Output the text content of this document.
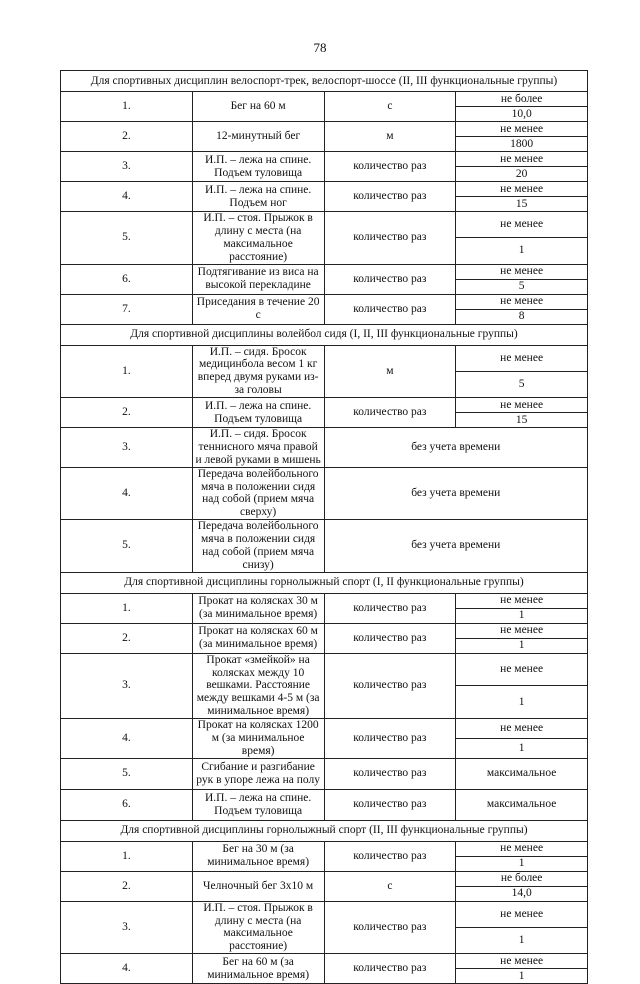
78
Для спортивных дисциплин велоспорт-трек, велоспорт-шоссе (II, III функциональные группы)			
1.	Бег на 60 м	с	не более
			10,0
2.	12-минутный бег	м	не менее
			1800
3.	И.П. – лежа на спине. Подъем туловища	количество раз	не менее
			20
4.	И.П. – лежа на спине. Подъем ног	количество раз	не менее
			15
5.	И.П. – стоя. Прыжок в длину с места (на максимальное расстояние)	количество раз	не менее
			1
6.	Подтягивание из виса на высокой перекладине	количество раз	не менее
			5
7.	Приседания в течение 20 с	количество раз	не менее
			8
Для спортивной дисциплины волейбол сидя (I, II, III функциональные группы)			
1.	И.П. – сидя. Бросок медицинбола весом 1 кг вперед двумя руками из-за головы	м	не менее
			5
2.	И.П. – лежа на спине. Подъем туловища	количество раз	не менее
			15
3.	И.П. – сидя. Бросок теннисного мяча правой и левой руками в мишень	без учета времени	
4.	Передача волейбольного мяча в положении сидя над собой (прием мяча сверху)	без учета времени	
5.	Передача волейбольного мяча в положении сидя над собой (прием мяча снизу)	без учета времени	
Для спортивной дисциплины горнолыжный спорт (I, II функциональные группы)			
1.	Прокат на колясках 30 м (за минимальное время)	количество раз	не менее
			1
2.	Прокат на колясках 60 м (за минимальное время)	количество раз	не менее
			1
3.	Прокат «змейкой» на колясках между 10 вешками. Расстояние между вешками 4-5 м (за минимальное время)	количество раз	не менее
			1
4.	Прокат на колясках 1200 м (за минимальное время)	количество раз	не менее
			1
5.	Сгибание и разгибание рук в упоре лежа на полу	количество раз	максимальное
6.	И.П. – лежа на спине. Подъем туловища	количество раз	максимальное
Для спортивной дисциплины горнолыжный спорт (II, III функциональные группы)			
1.	Бег на 30 м (за минимальное время)	количество раз	не менее
			1
2.	Челночный бег 3х10 м	с	не более
			14,0
3.	И.П. – стоя. Прыжок в длину с места (на максимальное расстояние)	количество раз	не менее
			1
4.	Бег на 60 м (за минимальное время)	количество раз	не менее
			1
